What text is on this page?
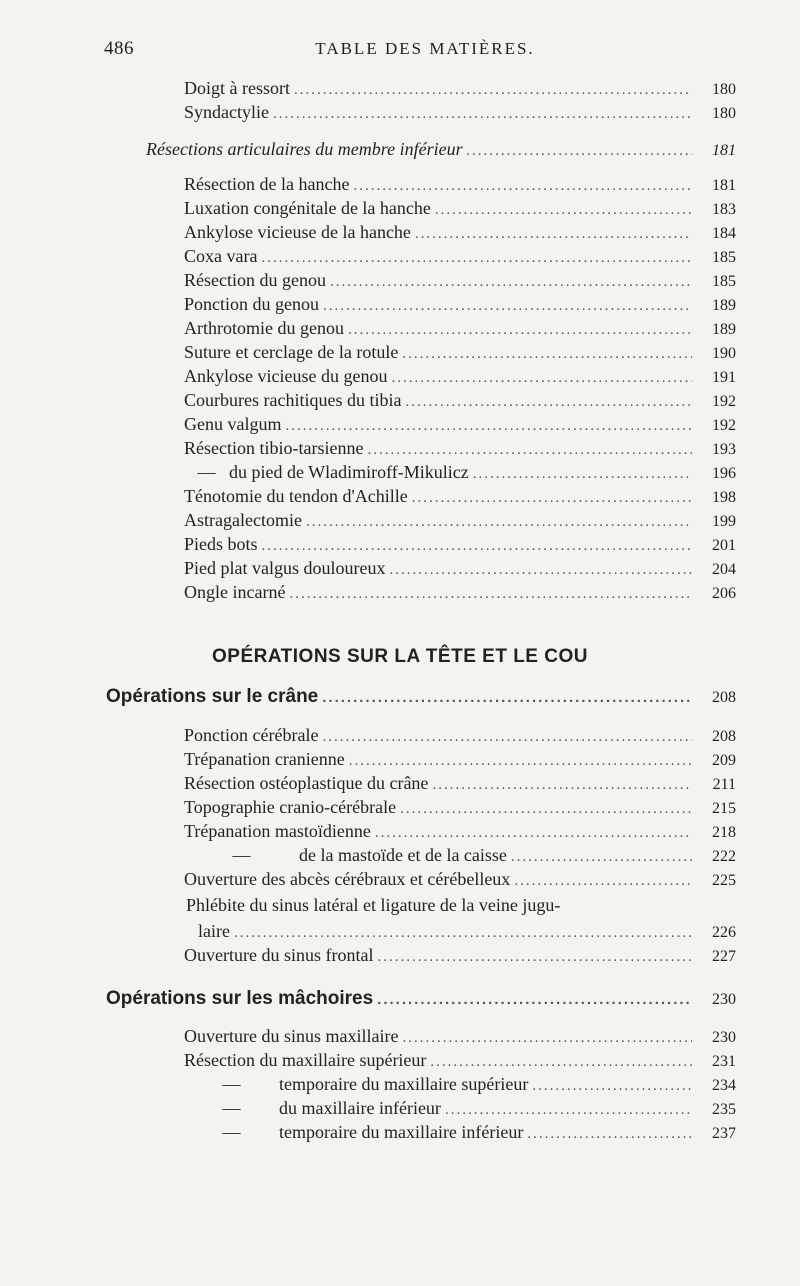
486	TABLE DES MATIÈRES.
Doigt à ressort .....	180
Syndactylie .....	180
Résections articulaires du membre inférieur .....	181
Résection de la hanche .....	181
Luxation congénitale de la hanche .....	183
Ankylose vicieuse de la hanche .....	184
Coxa vara .....	185
Résection du genou .....	185
Ponction du genou .....	189
Arthrotomie du genou .....	189
Suture et cerclage de la rotule .....	190
Ankylose vicieuse du genou .....	191
Courbures rachitiques du tibia .....	192
Genu valgum .....	192
Résection tibio-tarsienne .....	193
— du pied de Wladimiroff-Mikulicz .....	196
Ténotomie du tendon d'Achille .....	198
Astragalectomie .....	199
Pieds bots .....	201
Pied plat valgus douloureux .....	204
Ongle incarné .....	206
OPÉRATIONS SUR LA TÊTE ET LE COU
Opérations sur le crâne .....	208
Ponction cérébrale .....	208
Trépanation cranienne .....	209
Résection ostéoplastique du crâne .....	211
Topographie cranio-cérébrale .....	215
Trépanation mastoïdienne .....	218
—	de la mastoïde et de la caisse .....	222
Ouverture des abcès cérébraux et cérébelleux .....	225
Phlébite du sinus latéral et ligature de la veine jugu-
laire .....	226
Ouverture du sinus frontal .....	227
Opérations sur les mâchoires .....	230
Ouverture du sinus maxillaire .....	230
Résection du maxillaire supérieur .....	231
— temporaire du maxillaire supérieur .....	234
— du maxillaire inférieur .....	235
— temporaire du maxillaire inférieur .....	237
